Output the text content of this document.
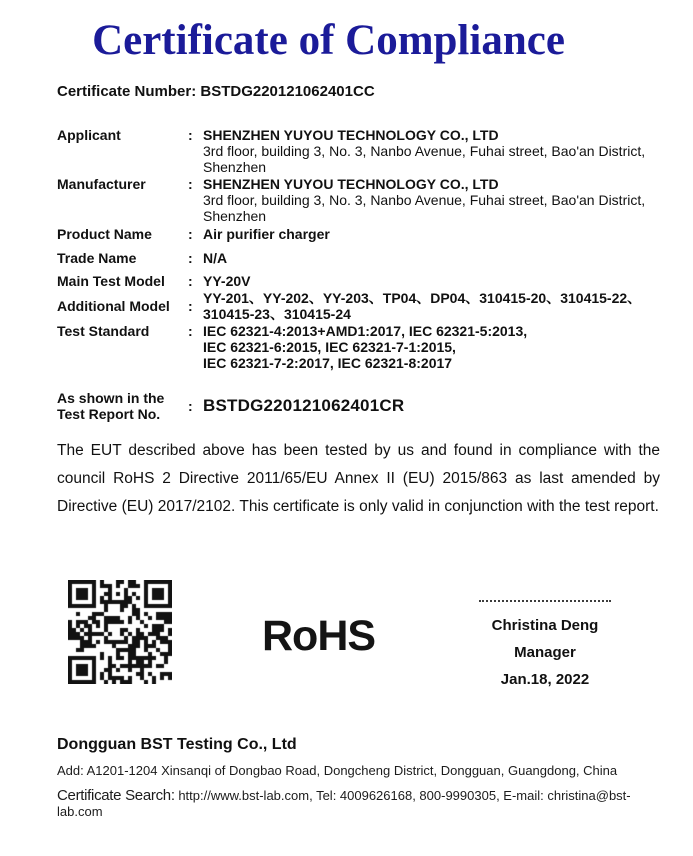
Certificate of Compliance
Certificate Number: BSTDG220121062401CC
Applicant	: SHENZHEN YUYOU TECHNOLOGY CO., LTD
3rd floor, building 3, No. 3, Nanbo Avenue, Fuhai street, Bao'an District,
Shenzhen
Manufacturer	: SHENZHEN YUYOU TECHNOLOGY CO., LTD
3rd floor, building 3, No. 3, Nanbo Avenue, Fuhai street, Bao'an District,
Shenzhen
Product Name	: Air purifier charger
Trade Name	: N/A
Main Test Model	: YY-20V
Additional Model	: YY-201、YY-202、YY-203、TP04、DP04、310415-20、310415-22、
310415-23、310415-24
Test Standard	: IEC 62321-4:2013+AMD1:2017, IEC 62321-5:2013,
IEC 62321-6:2015, IEC 62321-7-1:2015,
IEC 62321-7-2:2017, IEC 62321-8:2017
As shown in the
Test Report No.	: BSTDG220121062401CR
The EUT described above has been tested by us and found in compliance with the council RoHS 2 Directive 2011/65/EU Annex II (EU) 2015/863 as last amended by Directive (EU) 2017/2102. This certificate is only valid in conjunction with the test report.
RoHS	Christina Deng
Manager
Jan.18, 2022
Dongguan BST Testing Co., Ltd
Add: A1201-1204 Xinsanqi of Dongbao Road, Dongcheng District, Dongguan, Guangdong, China
Certificate Search: http://www.bst-lab.com, Tel: 4009626168, 800-9990305, E-mail: christina@bst-lab.com
